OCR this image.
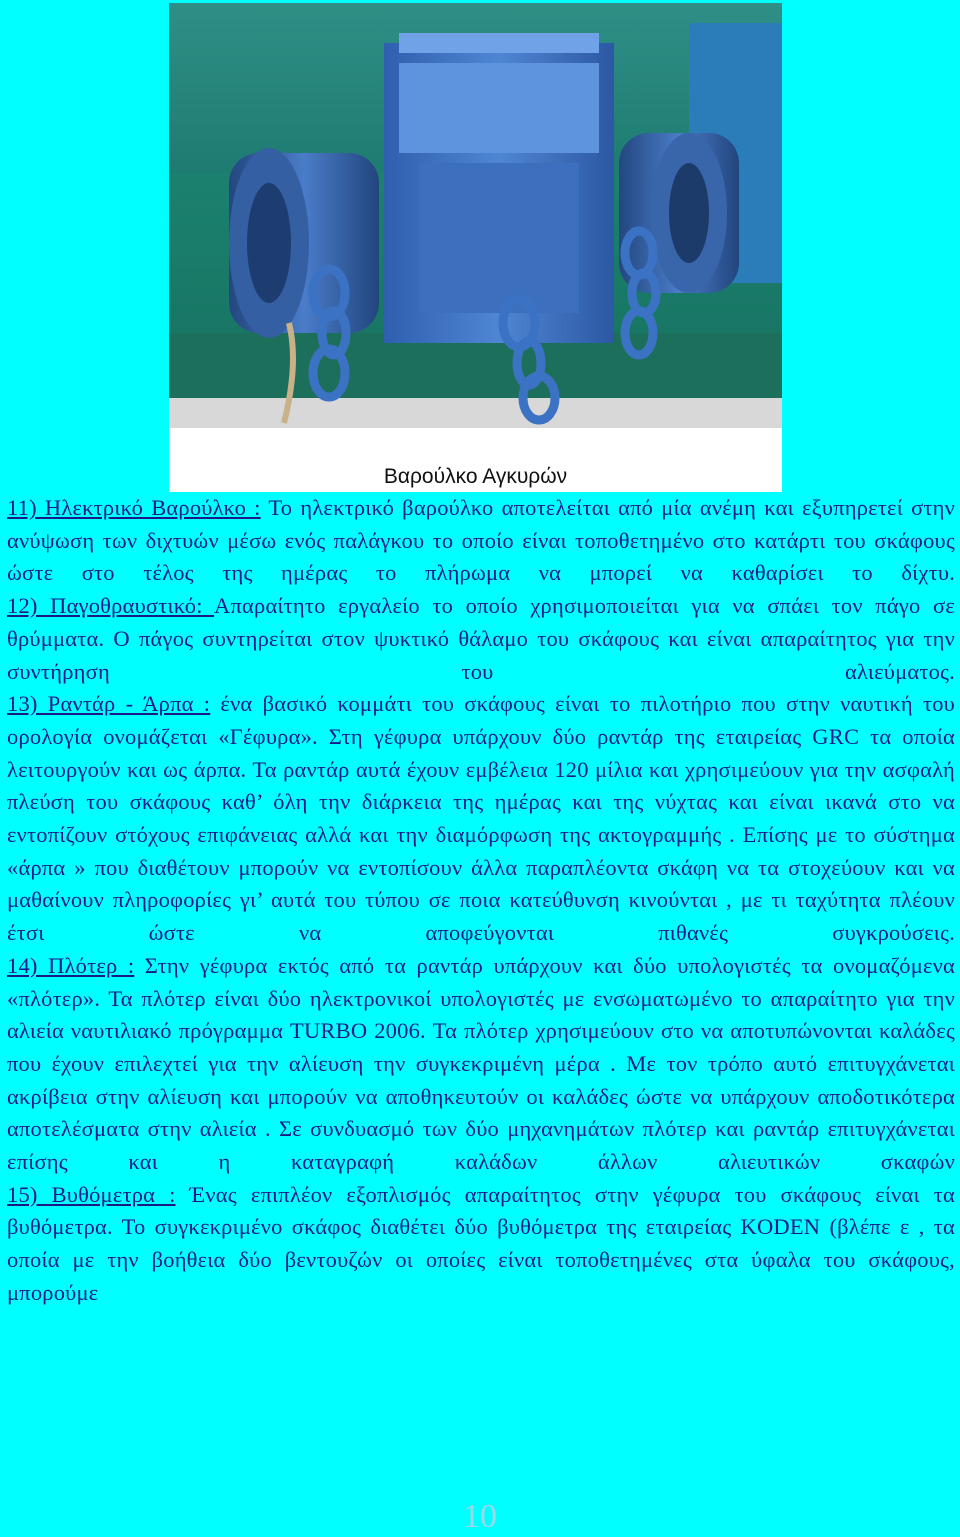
Βαρούλκο Αγκυρών

11) Ηλεκτρικό Βαρούλκο : Το ηλεκτρικό βαρούλκο αποτελείται από μία ανέμη και εξυπηρετεί στην ανύψωση των διχτυών μέσω ενός παλάγκου το οποίο είναι τοποθετημένο στο κατάρτι του σκάφους ώστε στο τέλος της ημέρας το πλήρωμα να μπορεί να καθαρίσει το δίχτυ.

12) Παγοθραυστικό: Απαραίτητο εργαλείο το οποίο χρησιμοποιείται για να σπάει τον πάγο σε θρύμματα. Ο πάγος συντηρείται στον ψυκτικό θάλαμο του σκάφους και είναι απαραίτητος για την συντήρηση του αλιεύματος.

13) Ραντάρ - Άρπα : ένα βασικό κομμάτι του σκάφους είναι το πιλοτήριο που στην ναυτική του ορολογία ονομάζεται «Γέφυρα». Στη γέφυρα υπάρχουν δύο ραντάρ της εταιρείας GRC τα οποία λειτουργούν και ως άρπα. Τα ραντάρ αυτά έχουν εμβέλεια 120 μίλια και χρησιμεύουν για την ασφαλή πλεύση του σκάφους καθ’ όλη την διάρκεια της ημέρας και της νύχτας και είναι ικανά στο να εντοπίζουν στόχους επιφάνειας αλλά και την διαμόρφωση της ακτογραμμής . Επίσης με το σύστημα «άρπα » που διαθέτουν μπορούν να εντοπίσουν άλλα παραπλέοντα σκάφη να τα στοχεύουν και να μαθαίνουν πληροφορίες γι’ αυτά του τύπου σε ποια κατεύθυνση κινούνται , με τι ταχύτητα πλέουν έτσι ώστε να αποφεύγονται πιθανές συγκρούσεις.

14) Πλότερ : Στην γέφυρα εκτός από τα ραντάρ υπάρχουν και δύο υπολογιστές τα ονομαζόμενα «πλότερ». Τα πλότερ είναι δύο ηλεκτρονικοί υπολογιστές με ενσωματωμένο το απαραίτητο για την αλιεία ναυτιλιακό πρόγραμμα TURBO 2006. Τα πλότερ χρησιμεύουν στο να αποτυπώνονται καλάδες που έχουν επιλεχτεί για την αλίευση την συγκεκριμένη μέρα . Με τον τρόπο αυτό επιτυγχάνεται ακρίβεια στην αλίευση και μπορούν να αποθηκευτούν οι καλάδες ώστε να υπάρχουν αποδοτικότερα αποτελέσματα στην αλιεία . Σε συνδυασμό των δύο μηχανημάτων πλότερ και ραντάρ επιτυγχάνεται επίσης και η καταγραφή καλάδων άλλων αλιευτικών σκαφών

15) Βυθόμετρα : Ένας επιπλέον εξοπλισμός απαραίτητος στην γέφυρα του σκάφους είναι τα βυθόμετρα. Το συγκεκριμένο σκάφος διαθέτει δύο βυθόμετρα της εταιρείας KODEN (βλέπε ε , τα οποία με την βοήθεια δύο βεντουζών οι οποίες είναι τοποθετημένες στα ύφαλα του σκάφους, μπορούμε

10
